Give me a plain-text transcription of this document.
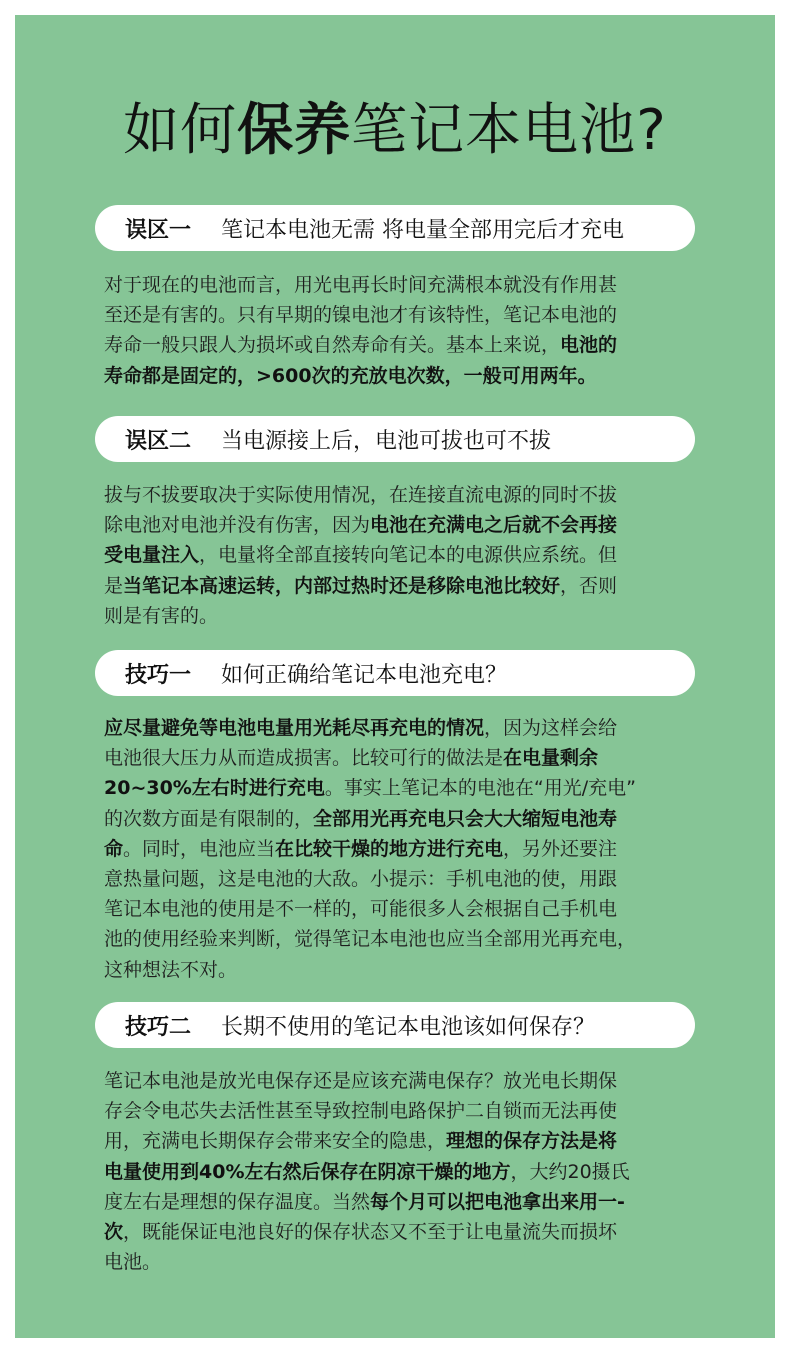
如何保养笔记本电池?
误区一 笔记本电池无需 将电量全部用完后才充电
对于现在的电池而言，用光电再长时间充满根本就没有作用甚
至还是有害的。只有早期的镍电池才有该特性，笔记本电池的
寿命一般只跟人为损坏或自然寿命有关。基本上来说，电池的
寿命都是固定的，>600次的充放电次数，一般可用两年。
误区二 当电源接上后，电池可拔也可不拔
拔与不拔要取决于实际使用情况，在连接直流电源的同时不拔
除电池对电池并没有伤害，因为电池在充满电之后就不会再接
受电量注入，电量将全部直接转向笔记本的电源供应系统。但
是当笔记本高速运转，内部过热时还是移除电池比较好，否则
则是有害的。
技巧一 如何正确给笔记本电池充电？
应尽量避免等电池电量用光耗尽再充电的情况，因为这样会给
电池很大压力从而造成损害。比较可行的做法是在电量剩余
20~30%左右时进行充电。事实上笔记本的电池在“用光/充电”
的次数方面是有限制的，全部用光再充电只会大大缩短电池寿
命。同时，电池应当在比较干燥的地方进行充电，另外还要注
意热量问题，这是电池的大敌。小提示：手机电池的使，用跟
笔记本电池的使用是不一样的，可能很多人会根据自己手机电
池的使用经验来判断，觉得笔记本电池也应当全部用光再充电，
这种想法不对。
技巧二 长期不使用的笔记本电池该如何保存？
笔记本电池是放光电保存还是应该充满电保存？放光电长期保
存会令电芯失去活性甚至导致控制电路保护二自锁而无法再使
用，充满电长期保存会带来安全的隐患，理想的保存方法是将
电量使用到40%左右然后保存在阴凉干燥的地方，大约20摄氏
度左右是理想的保存温度。当然每个月可以把电池拿出来用一-
次，既能保证电池良好的保存状态又不至于让电量流失而损坏
电池。
